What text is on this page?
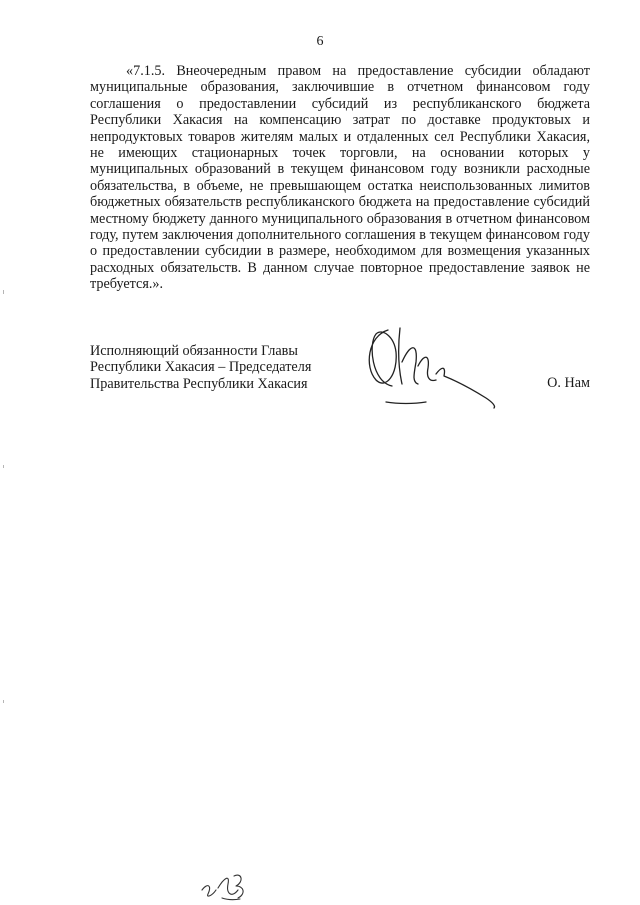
6

«7.1.5. Внеочередным правом на предоставление субсидии обладают муниципальные образования, заключившие в отчетном финансовом году соглашения о предоставлении субсидий из республиканского бюджета Республики Хакасия на компенсацию затрат по доставке продуктовых и непродуктовых товаров жителям малых и отдаленных сел Республики Хакасия, не имеющих стационарных точек торговли, на основании которых у муниципальных образований в текущем финансовом году возникли расходные обязательства, в объеме, не превышающем остатка неиспользованных лимитов бюджетных обязательств республиканского бюджета на предоставление субсидий местному бюджету данного муниципального образования в отчетном финансовом году, путем заключения дополнительного соглашения в текущем финансовом году о предоставлении субсидии в размере, необходимом для возмещения указанных расходных обязательств. В данном случае повторное предоставление заявок не требуется.».

Исполняющий обязанности Главы
Республики Хакасия – Председателя
Правительства Республики Хакасия	О. Нам
